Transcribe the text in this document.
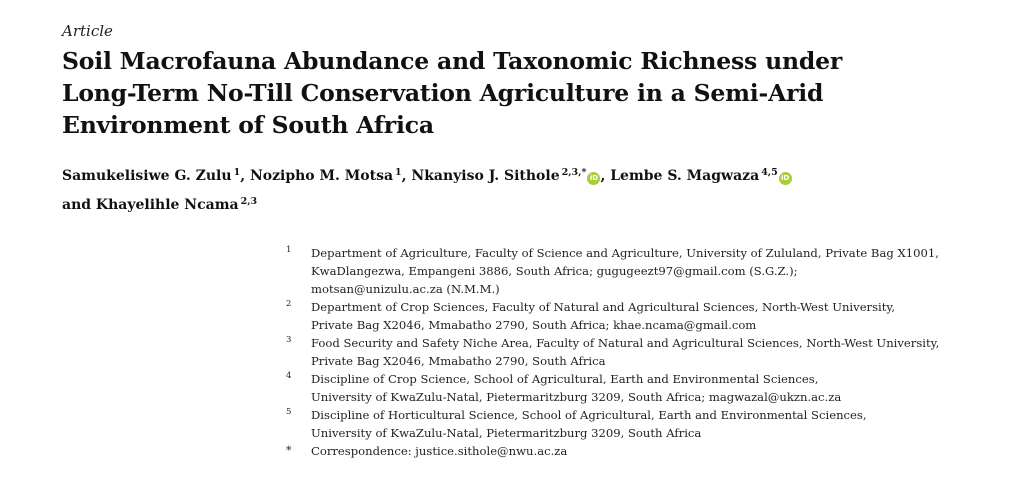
Article
Soil Macrofauna Abundance and Taxonomic Richness under
Long-Term No-Till Conservation Agriculture in a Semi-Arid
Environment of South Africa
Samukelisiwe G. Zulu $^1$, Nozipho M. Motsa $^1$, Nkanyiso J. Sithole $^{2,3,*}$ iD , Lembe S. Magwaza $^{4,5}$ iD
and Khayelihle Ncama $^{2,3}$
1 Department of Agriculture, Faculty of Science and Agriculture, University of Zululand, Private Bag X1001,
KwaDlangezwa, Empangeni 3886, South Africa; gugugeezt97@gmail.com (S.G.Z.);
motsan@unizulu.ac.za (N.M.M.)
2 Department of Crop Sciences, Faculty of Natural and Agricultural Sciences, North-West University,
Private Bag X2046, Mmabatho 2790, South Africa; khae.ncama@gmail.com
3 Food Security and Safety Niche Area, Faculty of Natural and Agricultural Sciences, North-West University,
Private Bag X2046, Mmabatho 2790, South Africa
4 Discipline of Crop Science, School of Agricultural, Earth and Environmental Sciences,
University of KwaZulu-Natal, Pietermaritzburg 3209, South Africa; magwazal@ukzn.ac.za
5 Discipline of Horticultural Science, School of Agricultural, Earth and Environmental Sciences,
University of KwaZulu-Natal, Pietermaritzburg 3209, South Africa
* Correspondence: justice.sithole@nwu.ac.za
